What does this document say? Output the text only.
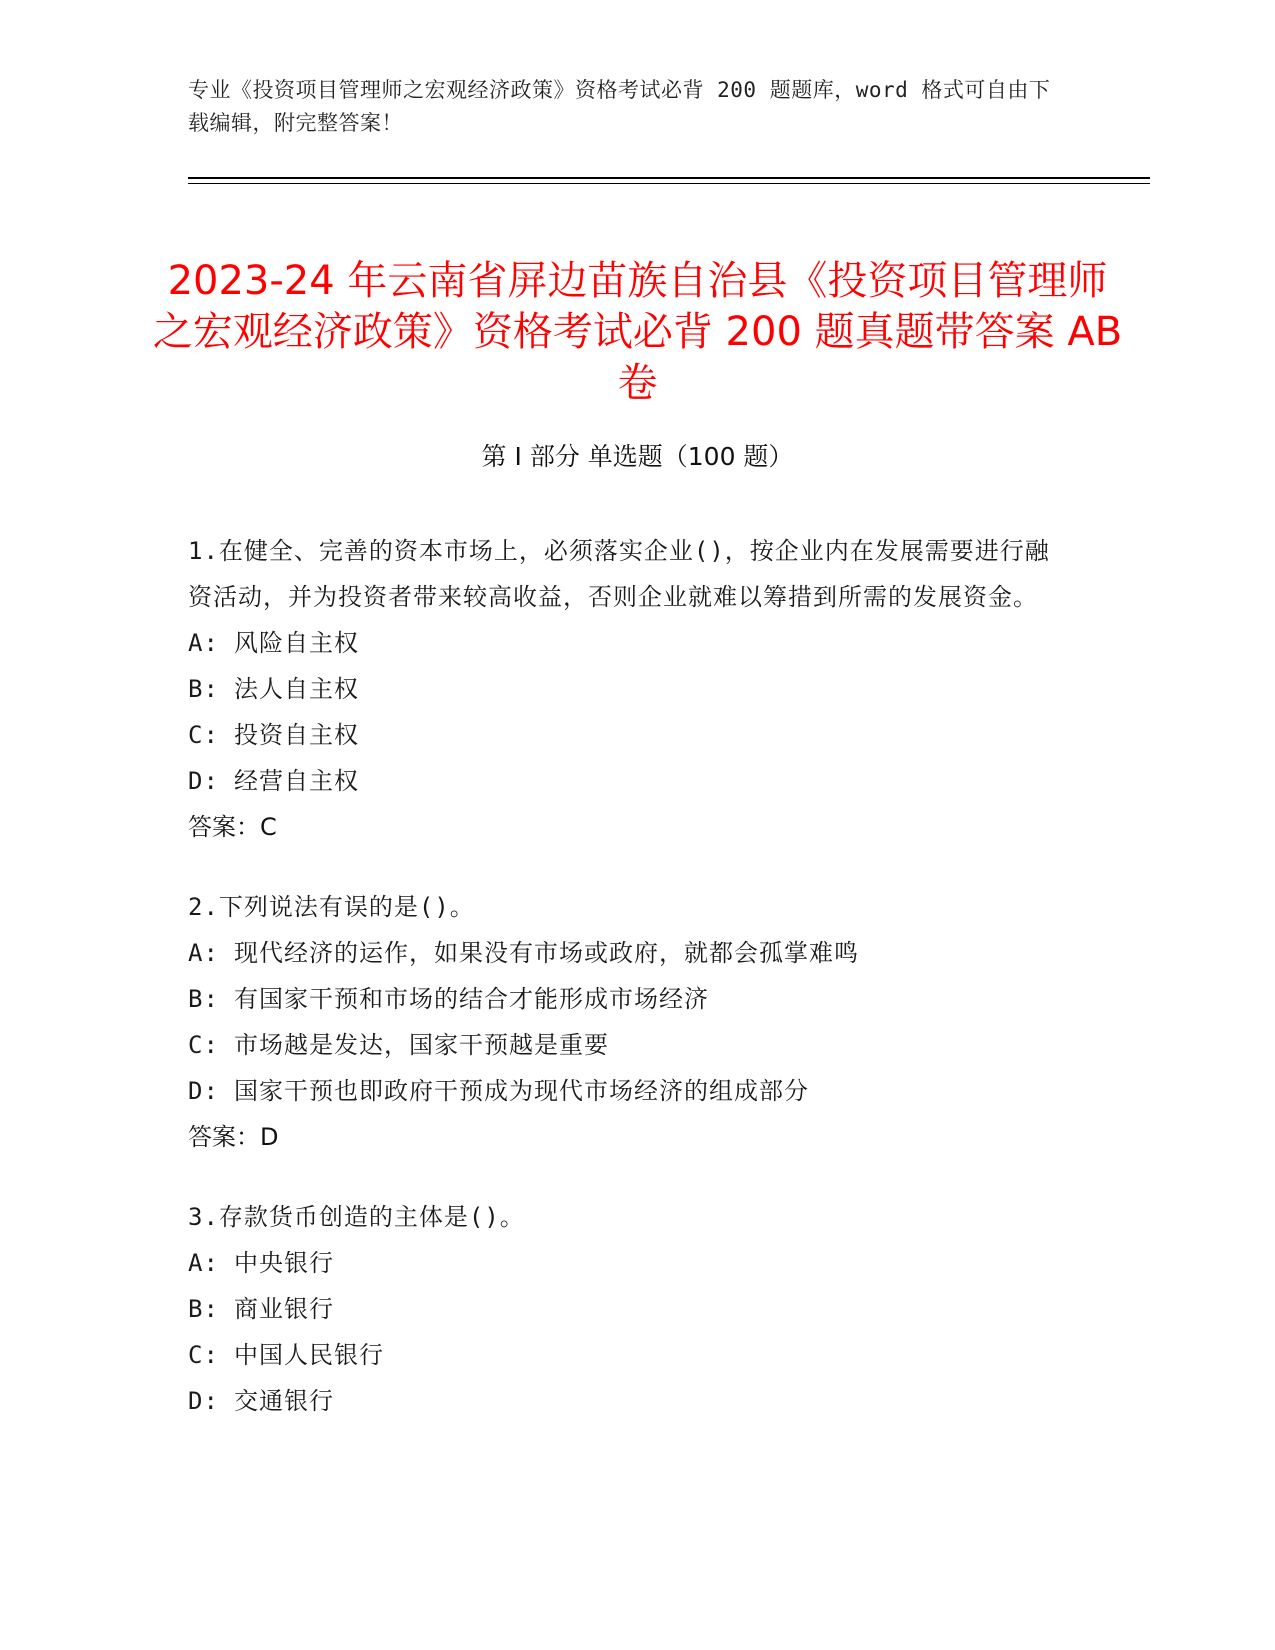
专业《投资项目管理师之宏观经济政策》资格考试必背 200 题题库，word 格式可自由下载编辑，附完整答案！
2023-24 年云南省屏边苗族自治县《投资项目管理师之宏观经济政策》资格考试必背 200 题真题带答案 AB 卷
第 I 部分 单选题（100 题）

1.在健全、完善的资本市场上，必须落实企业()，按企业内在发展需要进行融资活动，并为投资者带来较高收益，否则企业就难以筹措到所需的发展资金。

A: 风险自主权
B: 法人自主权
C: 投资自主权
D: 经营自主权
答案：C

2.下列说法有误的是()。

A: 现代经济的运作，如果没有市场或政府，就都会孤掌难鸣
B: 有国家干预和市场的结合才能形成市场经济
C: 市场越是发达，国家干预越是重要
D: 国家干预也即政府干预成为现代市场经济的组成部分
答案：D

3.存款货币创造的主体是()。

A: 中央银行
B: 商业银行
C: 中国人民银行
D: 交通银行
